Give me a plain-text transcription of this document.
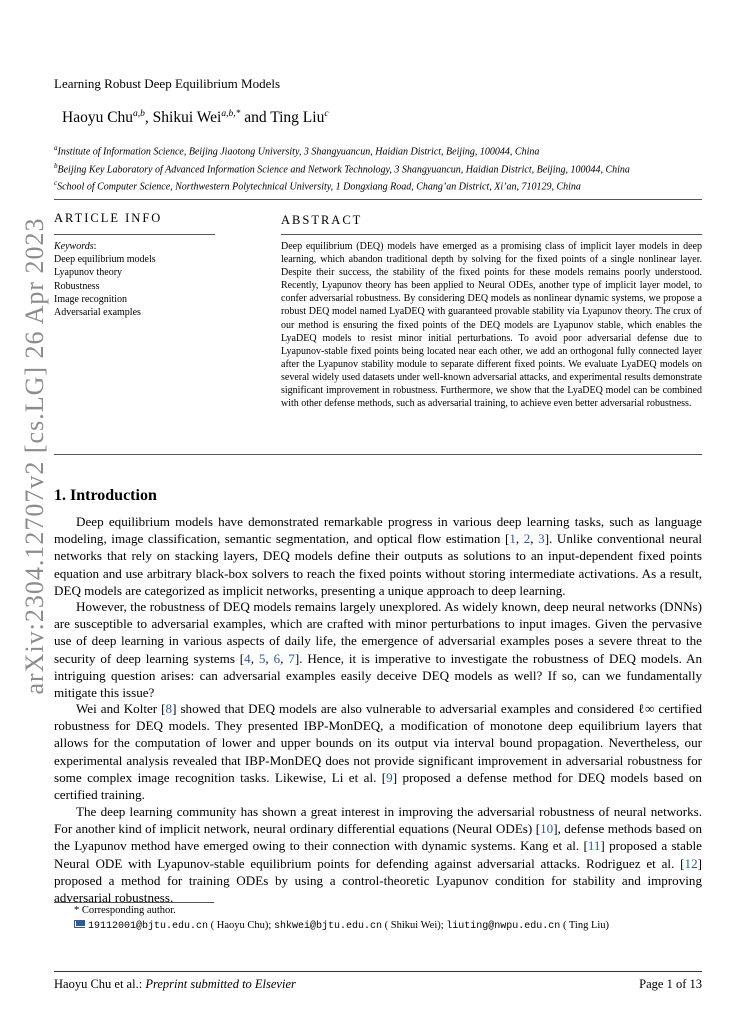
arXiv:2304.12707v2 [cs.LG] 26 Apr 2023
Learning Robust Deep Equilibrium Models
Haoyu Chu$^{a,b}$, Shikui Wei$^{a,b,*}$ and Ting Liu$^c$
$^a$Institute of Information Science, Beijing Jiaotong University, 3 Shangyuancun, Haidian District, Beijing, 100044, China
$^b$Beijing Key Laboratory of Advanced Information Science and Network Technology, 3 Shangyuancun, Haidian District, Beijing, 100044, China
$^c$School of Computer Science, Northwestern Polytechnical University, 1 Dongxiang Road, Chang’an District, Xi’an, 710129, China
ARTICLE INFO	ABSTRACT
Keywords:
Deep equilibrium models
Lyapunov theory
Robustness
Image recognition
Adversarial examples
Deep equilibrium (DEQ) models have emerged as a promising class of implicit layer models in deep learning, which abandon traditional depth by solving for the fixed points of a single nonlinear layer. Despite their success, the stability of the fixed points for these models remains poorly understood. Recently, Lyapunov theory has been applied to Neural ODEs, another type of implicit layer model, to confer adversarial robustness. By considering DEQ models as nonlinear dynamic systems, we propose a robust DEQ model named LyaDEQ with guaranteed provable stability via Lyapunov theory. The crux of our method is ensuring the fixed points of the DEQ models are Lyapunov stable, which enables the LyaDEQ models to resist minor initial perturbations. To avoid poor adversarial defense due to Lyapunov-stable fixed points being located near each other, we add an orthogonal fully connected layer after the Lyapunov stability module to separate different fixed points. We evaluate LyaDEQ models on several widely used datasets under well-known adversarial attacks, and experimental results demonstrate significant improvement in robustness. Furthermore, we show that the LyaDEQ model can be combined with other defense methods, such as adversarial training, to achieve even better adversarial robustness.
1. Introduction
Deep equilibrium models have demonstrated remarkable progress in various deep learning tasks, such as language modeling, image classification, semantic segmentation, and optical flow estimation [1, 2, 3]. Unlike conventional neural networks that rely on stacking layers, DEQ models define their outputs as solutions to an input-dependent fixed points equation and use arbitrary black-box solvers to reach the fixed points without storing intermediate activations. As a result, DEQ models are categorized as implicit networks, presenting a unique approach to deep learning.
However, the robustness of DEQ models remains largely unexplored. As widely known, deep neural networks (DNNs) are susceptible to adversarial examples, which are crafted with minor perturbations to input images. Given the pervasive use of deep learning in various aspects of daily life, the emergence of adversarial examples poses a severe threat to the security of deep learning systems [4, 5, 6, 7]. Hence, it is imperative to investigate the robustness of DEQ models. An intriguing question arises: can adversarial examples easily deceive DEQ models as well? If so, can we fundamentally mitigate this issue?
Wei and Kolter [8] showed that DEQ models are also vulnerable to adversarial examples and considered ℓ∞ certified robustness for DEQ models. They presented IBP-MonDEQ, a modification of monotone deep equilibrium layers that allows for the computation of lower and upper bounds on its output via interval bound propagation. Nevertheless, our experimental analysis revealed that IBP-MonDEQ does not provide significant improvement in adversarial robustness for some complex image recognition tasks. Likewise, Li et al. [9] proposed a defense method for DEQ models based on certified training.
The deep learning community has shown a great interest in improving the adversarial robustness of neural networks. For another kind of implicit network, neural ordinary differential equations (Neural ODEs) [10], defense methods based on the Lyapunov method have emerged owing to their connection with dynamic systems. Kang et al. [11] proposed a stable Neural ODE with Lyapunov-stable equilibrium points for defending against adversarial attacks. Rodriguez et al. [12] proposed a method for training ODEs by using a control-theoretic Lyapunov condition for stability and improving adversarial robustness.
* Corresponding author.
19112001@bjtu.edu.cn ( Haoyu Chu); shkwei@bjtu.edu.cn ( Shikui Wei); liuting@nwpu.edu.cn ( Ting Liu)
Haoyu Chu et al.: Preprint submitted to Elsevier	Page 1 of 13
